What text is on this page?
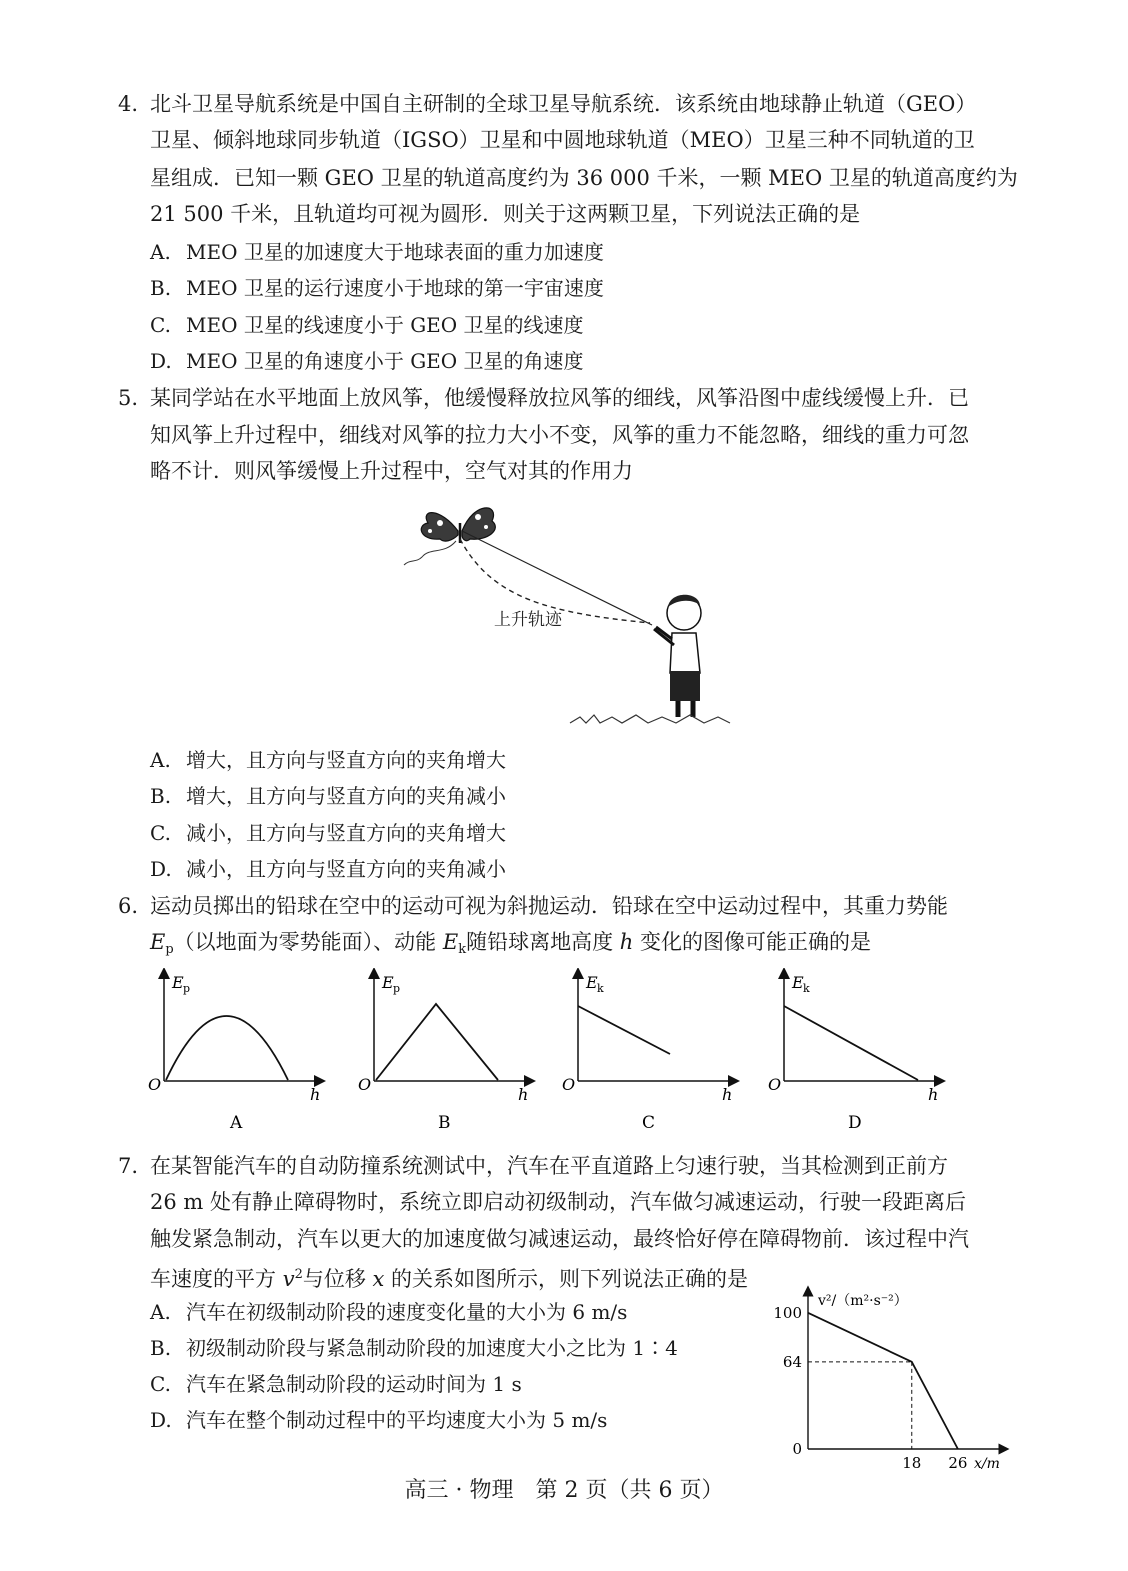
4. 北斗卫星导航系统是中国自主研制的全球卫星导航系统．该系统由地球静止轨道（GEO）
卫星、倾斜地球同步轨道（IGSO）卫星和中圆地球轨道（MEO）卫星三种不同轨道的卫
星组成．已知一颗 GEO 卫星的轨道高度约为 36 000 千米，一颗 MEO 卫星的轨道高度约为
21 500 千米，且轨道均可视为圆形．则关于这两颗卫星，下列说法正确的是
A. MEO 卫星的加速度大于地球表面的重力加速度
B. MEO 卫星的运行速度小于地球的第一宇宙速度
C. MEO 卫星的线速度小于 GEO 卫星的线速度
D. MEO 卫星的角速度小于 GEO 卫星的角速度
5. 某同学站在水平地面上放风筝，他缓慢释放拉风筝的细线，风筝沿图中虚线缓慢上升．已
知风筝上升过程中，细线对风筝的拉力大小不变，风筝的重力不能忽略，细线的重力可忽
略不计．则风筝缓慢上升过程中，空气对其的作用力
上升轨迹
A. 增大，且方向与竖直方向的夹角增大
B. 增大，且方向与竖直方向的夹角减小
C. 减小，且方向与竖直方向的夹角增大
D. 减小，且方向与竖直方向的夹角减小
6. 运动员掷出的铅球在空中的运动可视为斜抛运动．铅球在空中运动过程中，其重力势能
$E_p$（以地面为零势能面）、动能 $E_k$随铅球离地高度 h 变化的图像可能正确的是
E p
O
h
A
E p
O
h
B
E k
O
h
C
E k
O
h
D
7. 在某智能汽车的自动防撞系统测试中，汽车在平直道路上匀速行驶，当其检测到正前方
26 m 处有静止障碍物时，系统立即启动初级制动，汽车做匀减速运动，行驶一段距离后
触发紧急制动，汽车以更大的加速度做匀减速运动，最终恰好停在障碍物前．该过程中汽
车速度的平方 $v^2$与位移 x 的关系如图所示，则下列说法正确的是
A. 汽车在初级制动阶段的速度变化量的大小为 6 m/s
B. 初级制动阶段与紧急制动阶段的加速度大小之比为 1∶4
C. 汽车在紧急制动阶段的运动时间为 1 s
D. 汽车在整个制动过程中的平均速度大小为 5 m/s
v²/（m²·s⁻²）
x/m
0
64
100
18 26
高三 · 物理　第 2 页（共 6 页）
